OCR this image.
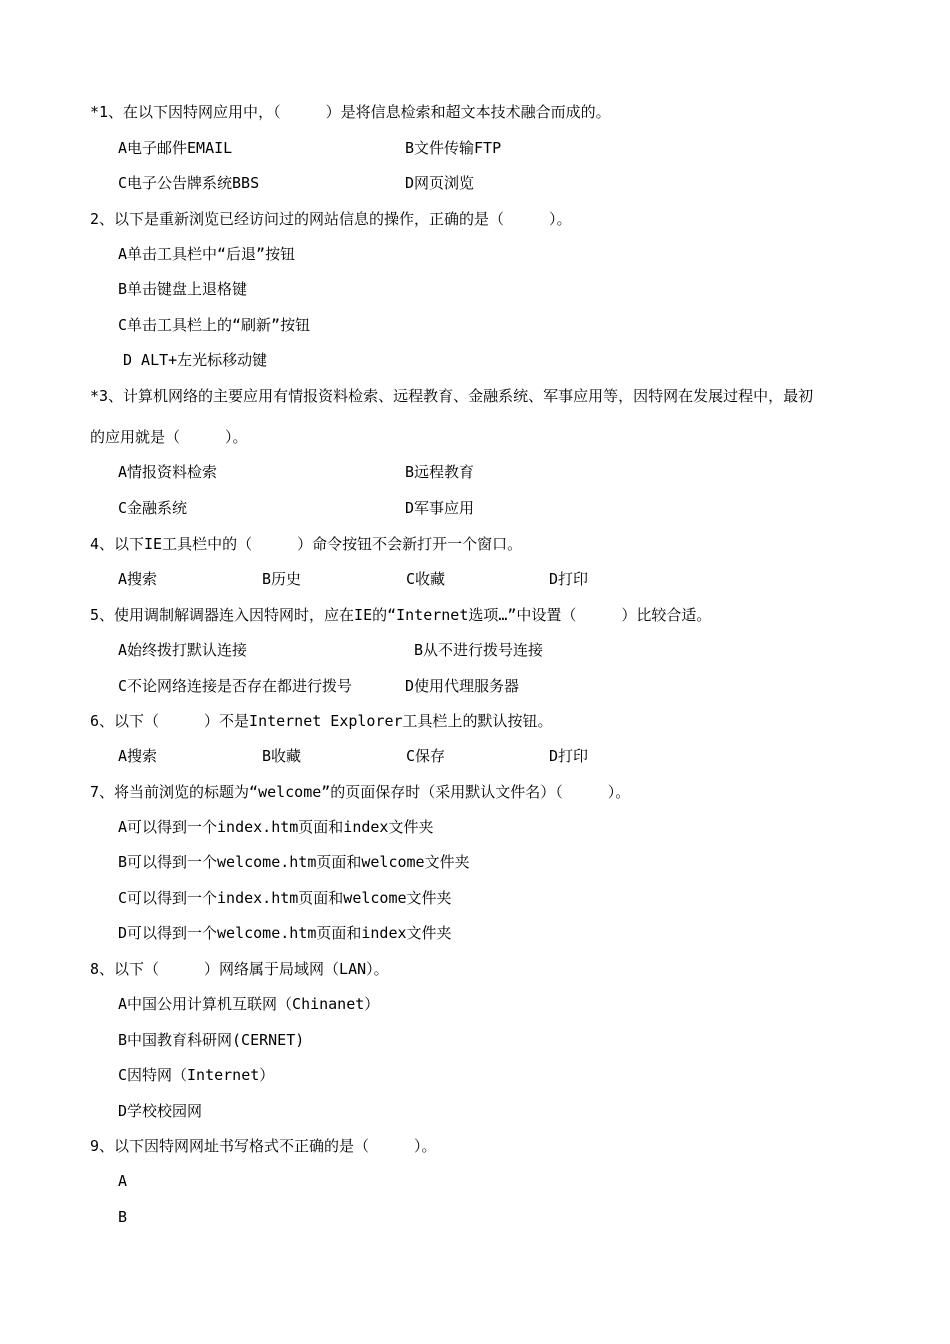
*1、在以下因特网应用中，（　　　）是将信息检索和超文本技术融合而成的。
A电子邮件EMAIL	B文件传输FTP
C电子公告牌系统BBS	D网页浏览
2、以下是重新浏览已经访问过的网站信息的操作，正确的是（　　　）。
A单击工具栏中“后退”按钮
B单击键盘上退格键
C单击工具栏上的“刷新”按钮
D ALT+左光标移动键
*3、计算机网络的主要应用有情报资料检索、远程教育、金融系统、军事应用等，因特网在发展过程中，最初
的应用就是（　　　）。
A情报资料检索	B远程教育
C金融系统	D军事应用
4、以下IE工具栏中的（　　　）命令按钮不会新打开一个窗口。
A搜索	B历史	C收藏	D打印
5、使用调制解调器连入因特网时，应在IE的“Internet选项…”中设置（　　　）比较合适。
A始终拨打默认连接	B从不进行拨号连接
C不论网络连接是否存在都进行拨号	D使用代理服务器
6、以下（　　　）不是Internet Explorer工具栏上的默认按钮。
A搜索	B收藏	C保存	D打印
7、将当前浏览的标题为“welcome”的页面保存时（采用默认文件名）（　　　）。
A可以得到一个index.htm页面和index文件夹
B可以得到一个welcome.htm页面和welcome文件夹
C可以得到一个index.htm页面和welcome文件夹
D可以得到一个welcome.htm页面和index文件夹
8、以下（　　　）网络属于局域网（LAN）。
A中国公用计算机互联网（Chinanet）
B中国教育科研网(CERNET)
C因特网（Internet）
D学校校园网
9、以下因特网网址书写格式不正确的是（　　　）。
A
B
